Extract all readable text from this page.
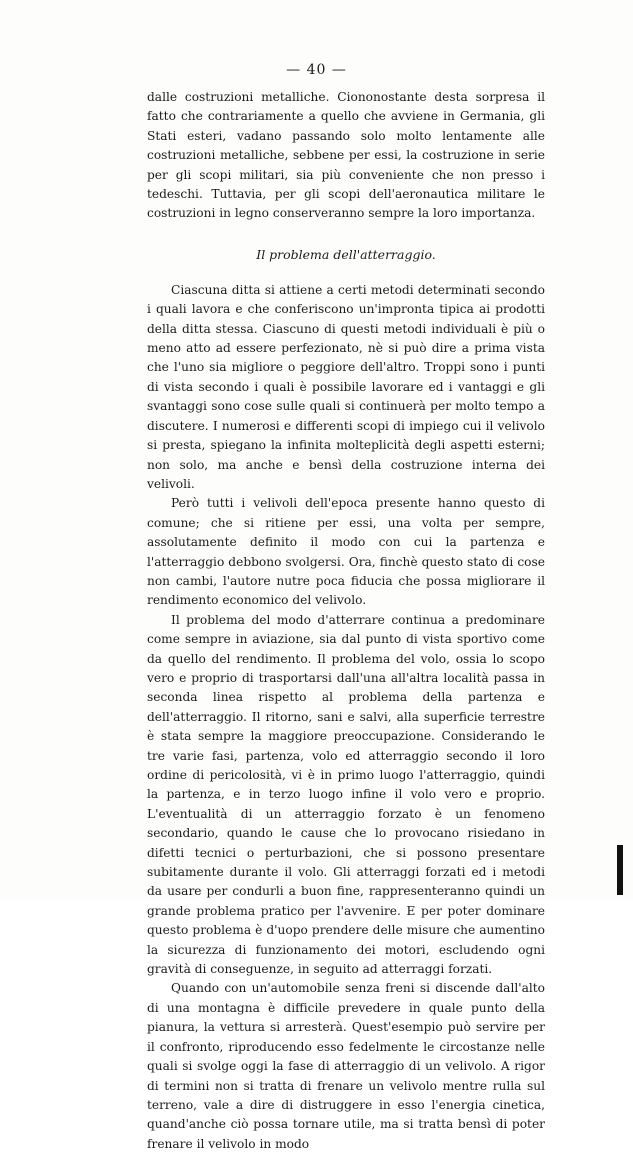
— 40 —

dalle costruzioni metalliche. Ciononostante desta sorpresa il fatto che contrariamente a quello che avviene in Germania, gli Stati esteri, vadano passando solo molto lentamente alle costruzioni metalliche, sebbene per essi, la costruzione in serie per gli scopi militari, sia più conveniente che non presso i tedeschi. Tuttavia, per gli scopi dell'aeronautica militare le costruzioni in legno conserveranno sempre la loro importanza.

Il problema dell'atterraggio.

Ciascuna ditta si attiene a certi metodi determinati secondo i quali lavora e che conferiscono un'impronta tipica ai prodotti della ditta stessa. Ciascuno di questi metodi individuali è più o meno atto ad essere perfezionato, nè si può dire a prima vista che l'uno sia migliore o peggiore dell'altro. Troppi sono i punti di vista secondo i quali è possibile lavorare ed i vantaggi e gli svantaggi sono cose sulle quali si continuerà per molto tempo a discutere. I numerosi e differenti scopi di impiego cui il velivolo si presta, spiegano la infinita molteplicità degli aspetti esterni; non solo, ma anche e bensì della costruzione interna dei velivoli.

Però tutti i velivoli dell'epoca presente hanno questo di comune; che si ritiene per essi, una volta per sempre, assolutamente definito il modo con cui la partenza e l'atterraggio debbono svolgersi. Ora, finchè questo stato di cose non cambi, l'autore nutre poca fiducia che possa migliorare il rendimento economico del velivolo.

Il problema del modo d'atterrare continua a predominare come sempre in aviazione, sia dal punto di vista sportivo come da quello del rendimento. Il problema del volo, ossia lo scopo vero e proprio di trasportarsi dall'una all'altra località passa in seconda linea rispetto al problema della partenza e dell'atterraggio. Il ritorno, sani e salvi, alla superficie terrestre è stata sempre la maggiore preoccupazione. Considerando le tre varie fasi, partenza, volo ed atterraggio secondo il loro ordine di pericolosità, vi è in primo luogo l'atterraggio, quindi la partenza, e in terzo luogo infine il volo vero e proprio. L'eventualità di un atterraggio forzato è un fenomeno secondario, quando le cause che lo provocano risiedano in difetti tecnici o perturbazioni, che si possono presentare subitamente durante il volo. Gli atterraggi forzati ed i metodi da usare per condurli a buon fine, rappresenteranno quindi un grande problema pratico per l'avvenire. E per poter dominare questo problema è d'uopo prendere delle misure che aumentino la sicurezza di funzionamento dei motori, escludendo ogni gravità di conseguenze, in seguito ad atterraggi forzati.

Quando con un'automobile senza freni si discende dall'alto di una montagna è difficile prevedere in quale punto della pianura, la vettura si arresterà. Quest'esempio può servire per il confronto, riproducendo esso fedelmente le circostanze nelle quali si svolge oggi la fase di atterraggio di un velivolo. A rigor di termini non si tratta di frenare un velivolo mentre rulla sul terreno, vale a dire di distruggere in esso l'energia cinetica, quand'anche ciò possa tornare utile, ma si tratta bensì di poter frenare il velivolo in modo
